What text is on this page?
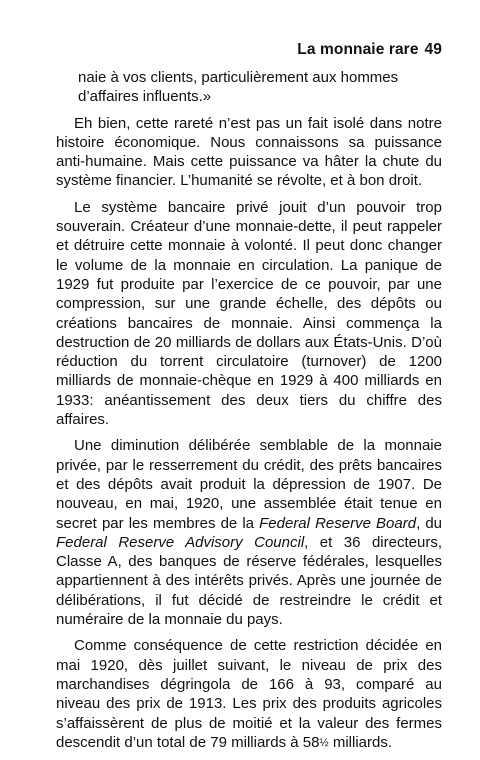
La monnaie rare 49

naie à vos clients, particulièrement aux hommes d’affaires influents.»

Eh bien, cette rareté n’est pas un fait isolé dans notre histoire économique. Nous connaissons sa puissance anti-humaine. Mais cette puissance va hâter la chute du système financier. L’humanité se révolte, et à bon droit.

Le système bancaire privé jouit d’un pouvoir trop souverain. Créateur d’une monnaie-dette, il peut rappeler et détruire cette monnaie à volonté. Il peut donc changer le volume de la monnaie en circulation. La panique de 1929 fut produite par l’exercice de ce pouvoir, par une compression, sur une grande échelle, des dépôts ou créations bancaires de monnaie. Ainsi commença la destruction de 20 milliards de dollars aux États-Unis. D’où réduction du torrent circulatoire (turnover) de 1200 milliards de monnaie-chèque en 1929 à 400 milliards en 1933: anéantissement des deux tiers du chiffre des affaires.

Une diminution délibérée semblable de la monnaie privée, par le resserrement du crédit, des prêts bancaires et des dépôts avait produit la dépression de 1907. De nouveau, en mai, 1920, une assemblée était tenue en secret par les membres de la Federal Reserve Board, du Federal Reserve Advisory Council, et 36 directeurs, Classe A, des banques de réserve fédérales, lesquelles appartiennent à des intérêts privés. Après une journée de délibérations, il fut décidé de restreindre le crédit et numéraire de la monnaie du pays.

Comme conséquence de cette restriction décidée en mai 1920, dès juillet suivant, le niveau de prix des marchandises dégringola de 166 à 93, comparé au niveau des prix de 1913. Les prix des produits agricoles s’affaissèrent de plus de moitié et la valeur des fermes descendit d’un total de 79 milliards à 58½ milliards.
